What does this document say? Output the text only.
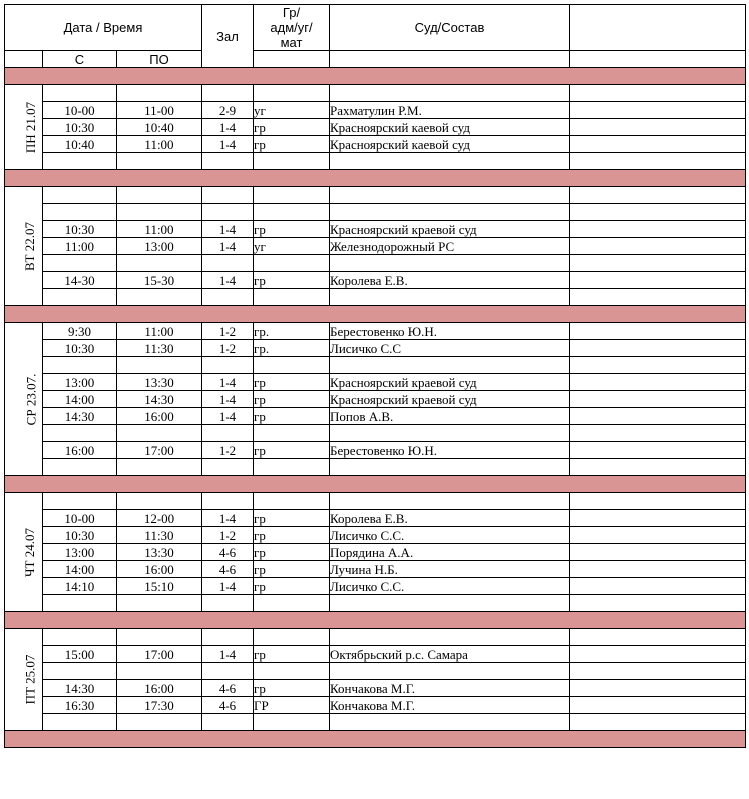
Дата / Время			Зал	Гр/
адм/уг/
мат	Суд/Состав	
	С	ПО				

ПН 21.07						
	10-00	11-00	2-9	уг	Рахматулин Р.М.	
	10:30	10:40	1-4	гр	Красноярский каевой суд	
	10:40	11:00	1-4	гр	Красноярский каевой суд	

ВТ 22.07						

	10:30	11:00	1-4	гр	Красноярский краевой суд	
	11:00	13:00	1-4	уг	Железнодорожный РС	

	14-30	15-30	1-4	гр	Королева Е.В.	

СР 23.07.	9:30	11:00	1-2	гр.	Берестовенко Ю.Н.	
	10:30	11:30	1-2	гр.	Лисичко С.С	

	13:00	13:30	1-4	гр	Красноярский краевой суд	
	14:00	14:30	1-4	гр	Красноярский краевой суд	
	14:30	16:00	1-4	гр	Попов А.В.	

	16:00	17:00	1-2	гр	Берестовенко Ю.Н.	

ЧТ 24.07						
	10-00	12-00	1-4	гр	Королева Е.В.	
	10:30	11:30	1-2	гр	Лисичко С.С.	
	13:00	13:30	4-6	гр	Порядина А.А.	
	14:00	16:00	4-6	гр	Лучина Н.Б.	
	14:10	15:10	1-4	гр	Лисичко С.С.	

ПТ 25.07						
	15:00	17:00	1-4	гр	Октябрьский р.с. Самара	

	14:30	16:00	4-6	гр	Кончакова М.Г.	
	16:30	17:30	4-6	ГР	Кончакова М.Г.	
